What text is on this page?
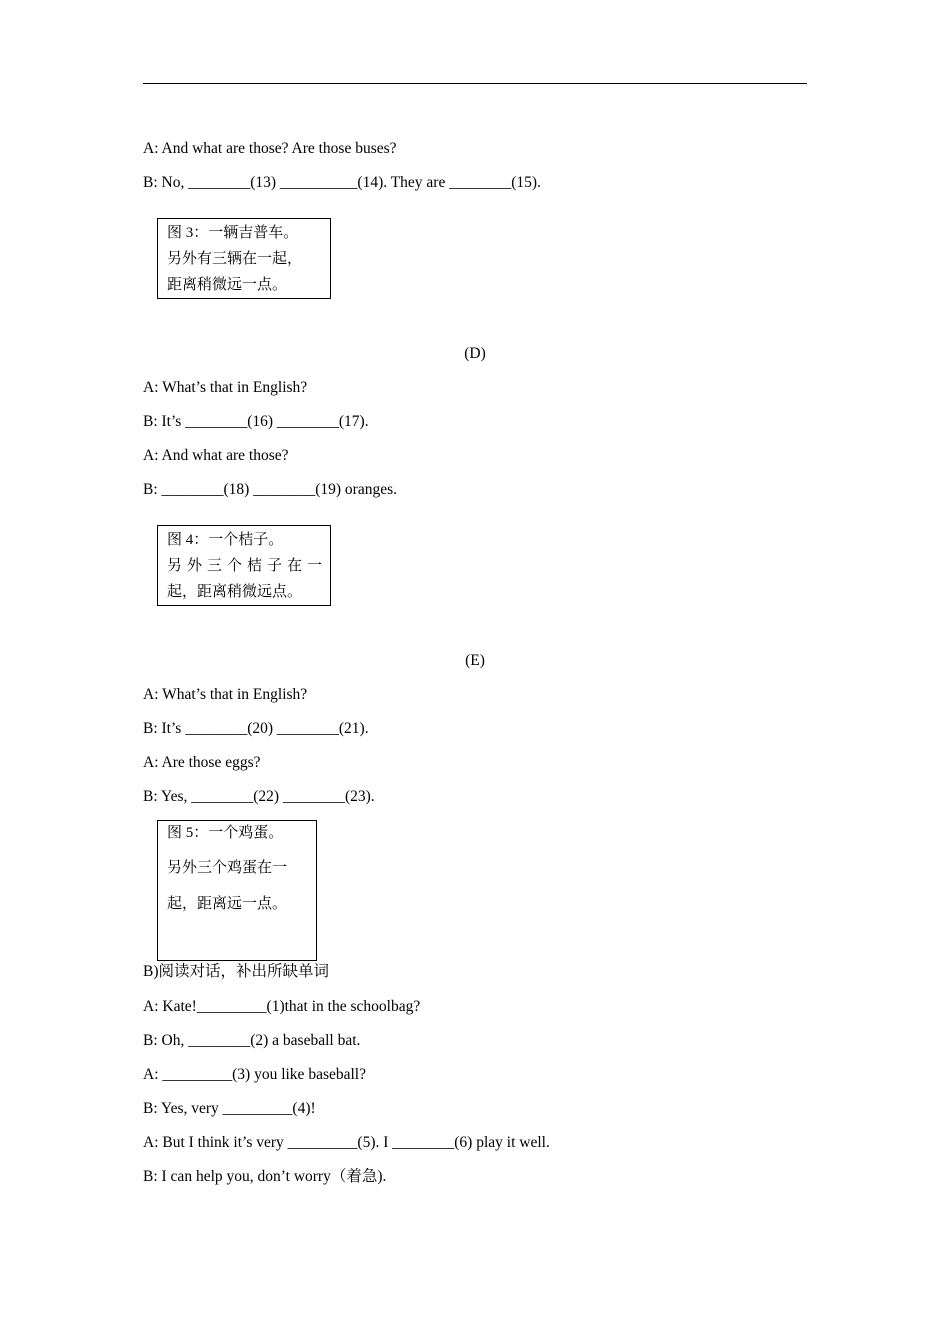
A: And what are those? Are those buses?
B: No, ________(13) __________(14). They are ________(15).
图 3：一辆吉普车。
另外有三辆在一起，
距离稍微远一点。
(D)
A: What’s that in English?
B: It’s ________(16) ________(17).
A: And what are those?
B: ________(18) ________(19) oranges.
图 4：一个桔子。
另外三个桔子在一
起，距离稍微远点。
(E)
A: What’s that in English?
B: It’s ________(20) ________(21).
A: Are those eggs?
B: Yes, ________(22) ________(23).
图 5：一个鸡蛋。
另外三个鸡蛋在一
起，距离远一点。
B)阅读对话，补出所缺单词
A: Kate!_________(1)that in the schoolbag?
B: Oh, ________(2) a baseball bat.
A: _________(3) you like baseball?
B: Yes, very _________(4)!
A: But I think it’s very _________(5). I ________(6) play it well.
B: I can help you, don’t worry（着急).
